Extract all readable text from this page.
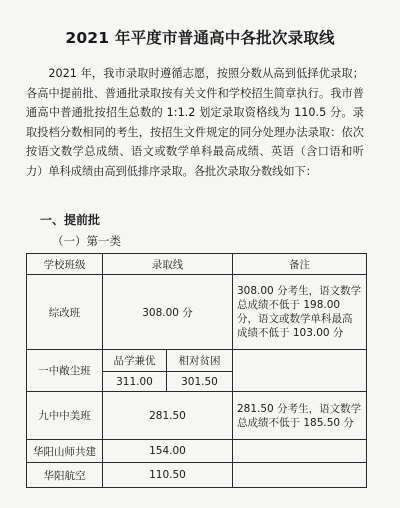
2021 年平度市普通高中各批次录取线

2021 年，我市录取时遵循志愿，按照分数从高到低择优录取；各高中提前批、普通批录取按有关文件和学校招生简章执行。我市普通高中普通批按招生总数的 1:1.2 划定录取资格线为 110.5 分。录取投档分数相同的考生，按招生文件规定的同分处理办法录取：依次按语文数学总成绩、语文或数学单科最高成绩、英语（含口语和听力）单科成绩由高到低排序录取。各批次录取分数线如下：

一、提前批
（一）第一类
学校班级	录取线		备注
综改班	308.00 分		308.00 分考生，语文数学总成绩不低于 198.00 分，语文或数学单科最高成绩不低于 103.00 分
一中敞尘班	品学兼优	相对贫困	
	311.00	301.50	
九中中美班	281.50		281.50 分考生，语文数学总成绩不低于 185.50 分
华阳山师共建	154.00		
华阳航空	110.50		
